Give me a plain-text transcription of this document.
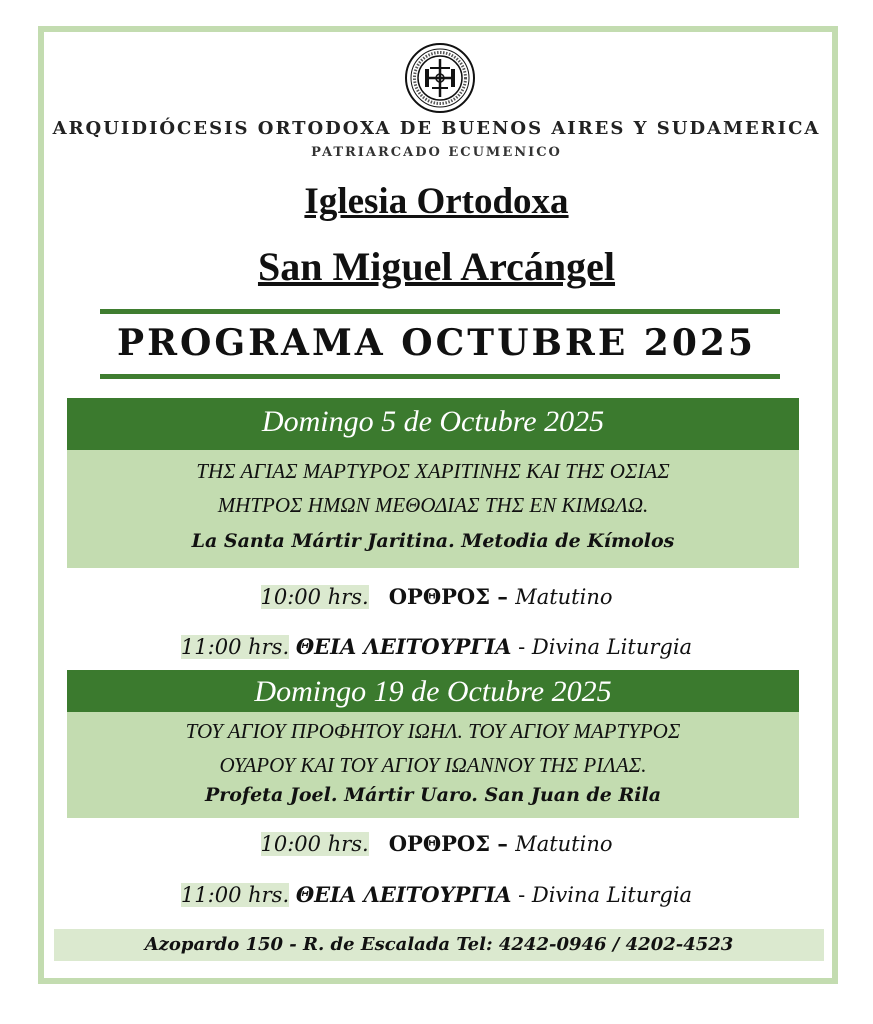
ARQUIDIÓCESIS ORTODOXA DE BUENOS AIRES Y SUDAMERICA
PATRIARCADO ECUMENICO
Iglesia Ortodoxa
San Miguel Arcángel
PROGRAMA OCTUBRE 2025
Domingo 5 de Octubre 2025
ΤΗΣ ΑΓΙΑΣ ΜΑΡΤΥΡΟΣ ΧΑΡΙΤΙΝΗΣ ΚΑΙ ΤΗΣ ΟΣΙΑΣ
ΜΗΤΡΟΣ ΗΜΩΝ ΜΕΘΟΔΙΑΣ ΤΗΣ ΕΝ ΚΙΜΩΛΩ.
La Santa Mártir Jaritina. Metodia de Kímolos
10:00 hrs. ΟΡΘΡΟΣ – Matutino
11:00 hrs. ΘΕΙΑ ΛΕΙΤΟΥΡΓΙΑ - Divina Liturgia
Domingo 19 de Octubre 2025
ΤΟΥ ΑΓΙΟΥ ΠΡΟΦΗΤΟΥ ΙΩΗΛ. ΤΟΥ ΑΓΙΟΥ ΜΑΡΤΥΡΟΣ
ΟΥΑΡΟΥ ΚΑΙ ΤΟΥ ΑΓΙΟΥ ΙΩΑΝΝΟΥ ΤΗΣ ΡΙΛΑΣ.
Profeta Joel. Mártir Uaro. San Juan de Rila
10:00 hrs. ΟΡΘΡΟΣ – Matutino
11:00 hrs. ΘΕΙΑ ΛΕΙΤΟΥΡΓΙΑ - Divina Liturgia
Azopardo 150 - R. de Escalada Tel: 4242-0946 / 4202-4523
